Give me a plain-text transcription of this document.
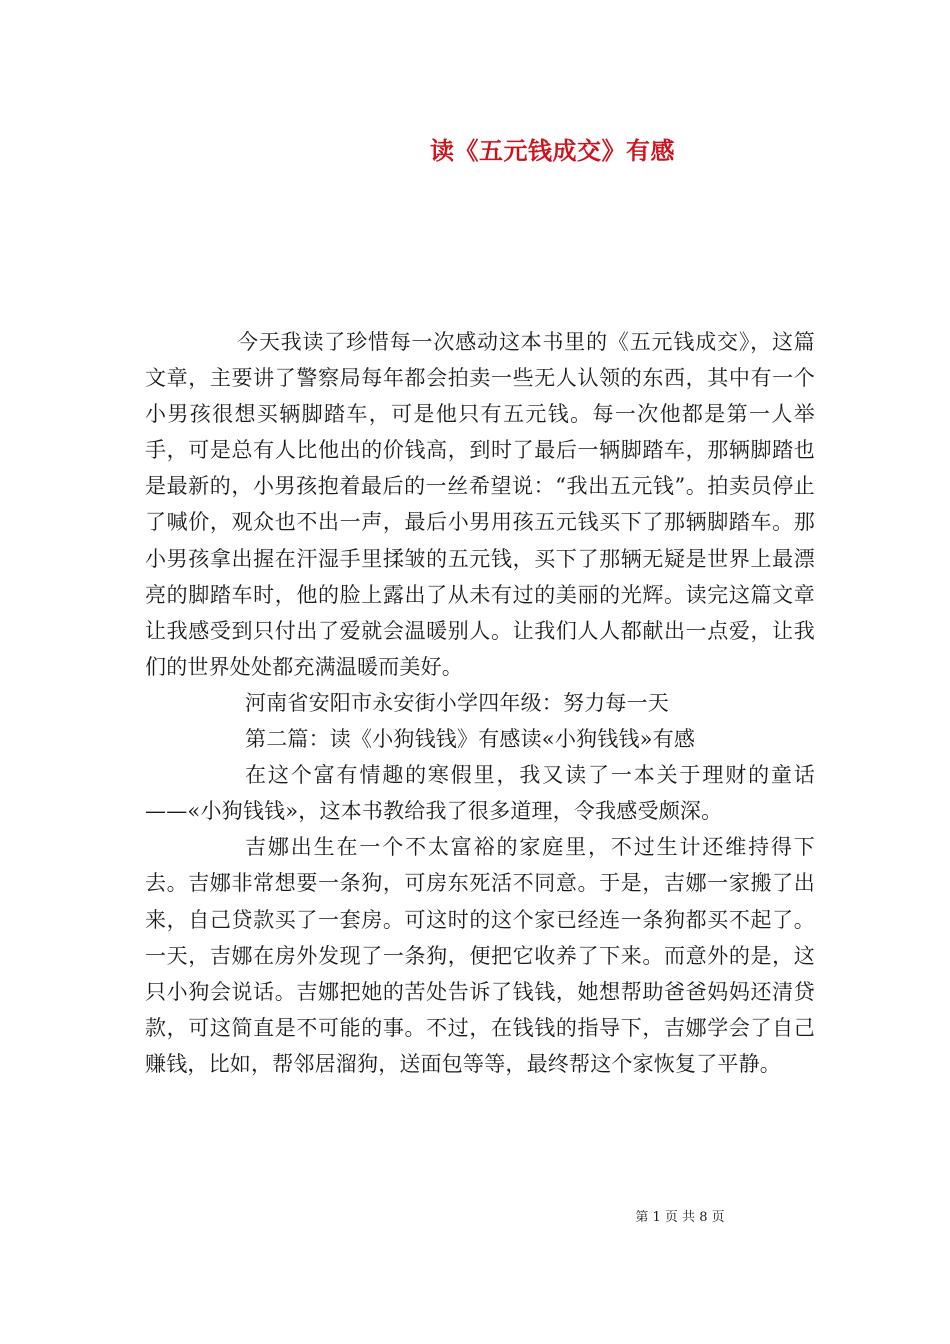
读《五元钱成交》有感

今天我读了珍惜每一次感动这本书里的《五元钱成交》，这篇文章，主要讲了警察局每年都会拍卖一些无人认领的东西，其中有一个小男孩很想买辆脚踏车，可是他只有五元钱。每一次他都是第一人举手，可是总有人比他出的价钱高，到时了最后一辆脚踏车，那辆脚踏也是最新的，小男孩抱着最后的一丝希望说：“我出五元钱”。拍卖员停止了喊价，观众也不出一声，最后小男用孩五元钱买下了那辆脚踏车。那小男孩拿出握在汗湿手里揉皱的五元钱，买下了那辆无疑是世界上最漂亮的脚踏车时，他的脸上露出了从未有过的美丽的光辉。读完这篇文章让我感受到只付出了爱就会温暖别人。让我们人人都献出一点爱，让我们的世界处处都充满温暖而美好。

河南省安阳市永安街小学四年级：努力每一天

第二篇：读《小狗钱钱》有感读«小狗钱钱»有感

在这个富有情趣的寒假里，我又读了一本关于理财的童话——«小狗钱钱»，这本书教给我了很多道理，令我感受颇深。

吉娜出生在一个不太富裕的家庭里，不过生计还维持得下去。吉娜非常想要一条狗，可房东死活不同意。于是，吉娜一家搬了出来，自己贷款买了一套房。可这时的这个家已经连一条狗都买不起了。一天，吉娜在房外发现了一条狗，便把它收养了下来。而意外的是，这只小狗会说话。吉娜把她的苦处告诉了钱钱，她想帮助爸爸妈妈还清贷款，可这简直是不可能的事。不过，在钱钱的指导下，吉娜学会了自己赚钱，比如，帮邻居溜狗，送面包等等，最终帮这个家恢复了平静。

第 1 页 共 8 页
